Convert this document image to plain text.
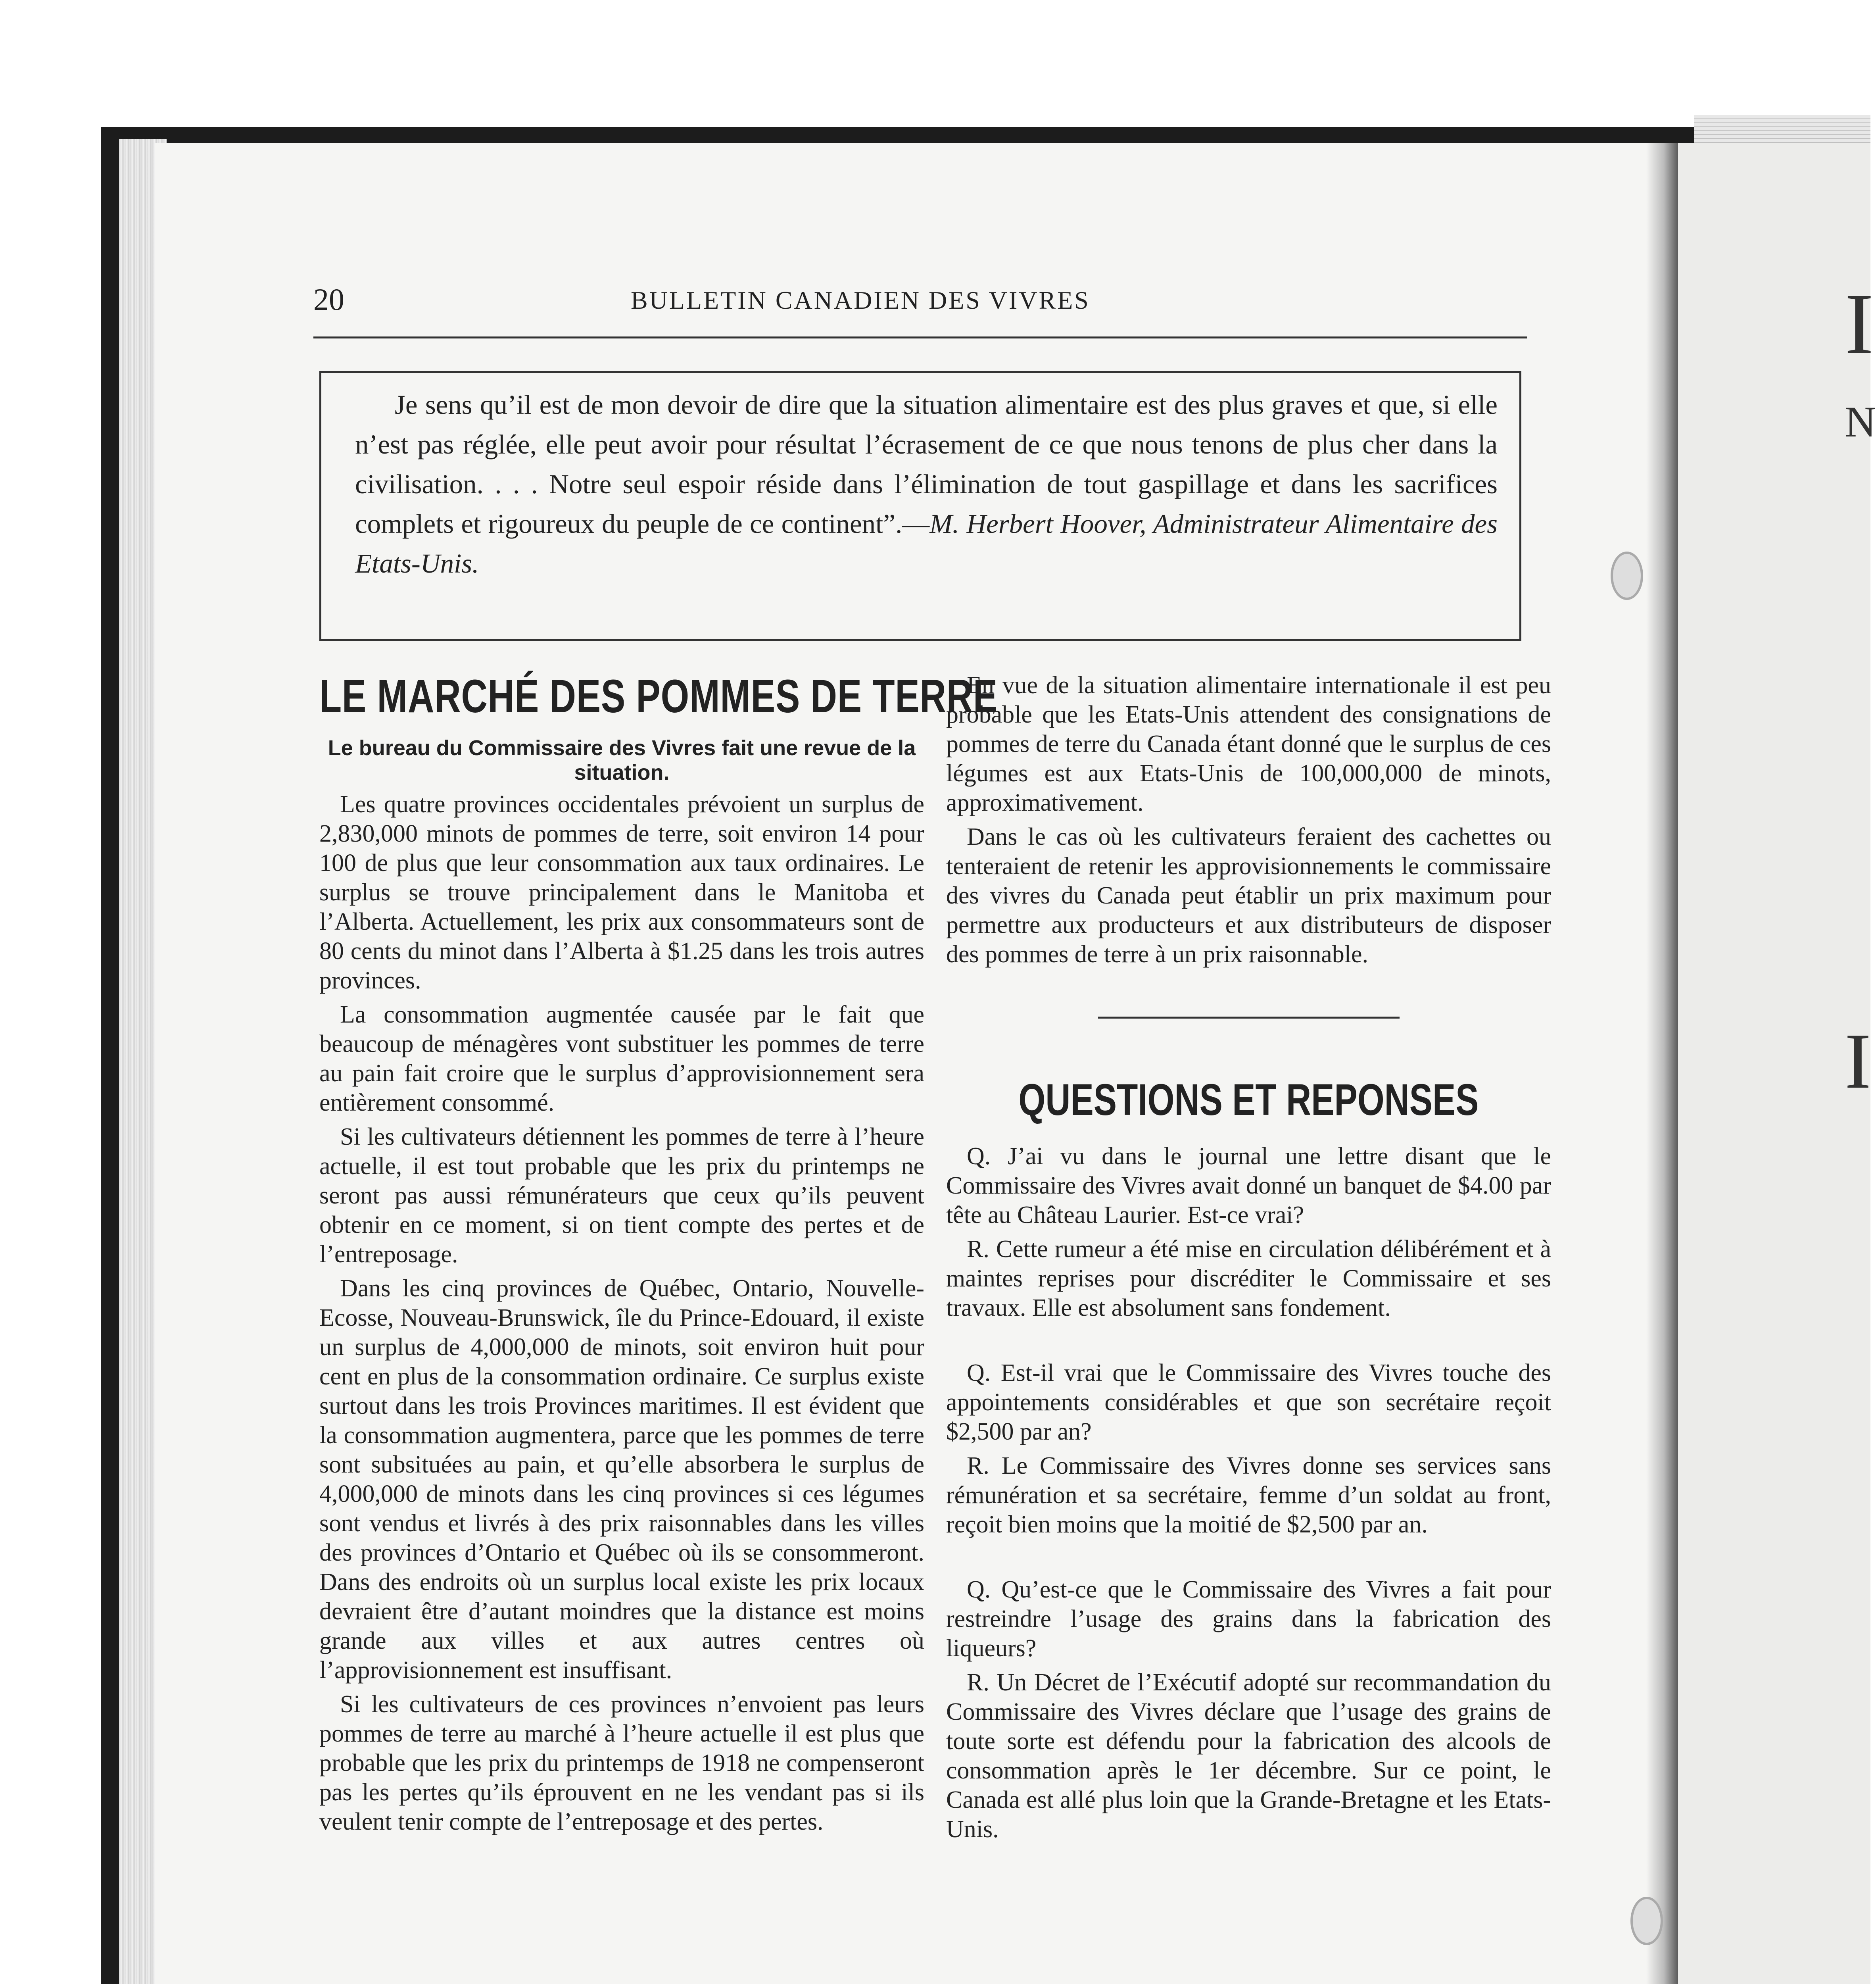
I
N
I
20	BULLETIN CANADIEN DES VIVRES

Je sens qu’il est de mon devoir de dire que la situation alimentaire est des plus graves et que, si elle n’est pas réglée, elle peut avoir pour résultat l’écrasement de ce que nous tenons de plus cher dans la civilisation. . . . Notre seul espoir réside dans l’élimination de tout gaspillage et dans les sacrifices complets et rigoureux du peuple de ce continent”.—M. Herbert Hoover, Administrateur Alimentaire des Etats-Unis.

LE MARCHÉ DES POMMES DE TERRE

Le bureau du Commissaire des Vivres fait une revue de la situation.

Les quatre provinces occidentales prévoient un surplus de 2,830,000 minots de pommes de terre, soit environ 14 pour 100 de plus que leur consommation aux taux ordinaires. Le surplus se trouve principalement dans le Manitoba et l’Alberta. Actuellement, les prix aux consommateurs sont de 80 cents du minot dans l’Alberta à $1.25 dans les trois autres provinces.

La consommation augmentée causée par le fait que beaucoup de ménagères vont substituer les pommes de terre au pain fait croire que le surplus d’approvisionnement sera entièrement consommé.

Si les cultivateurs détiennent les pommes de terre à l’heure actuelle, il est tout probable que les prix du printemps ne seront pas aussi rémunérateurs que ceux qu’ils peuvent obtenir en ce moment, si on tient compte des pertes et de l’entreposage.

Dans les cinq provinces de Québec, Ontario, Nouvelle-Ecosse, Nouveau-Brunswick, île du Prince-Edouard, il existe un surplus de 4,000,000 de minots, soit environ huit pour cent en plus de la consommation ordinaire. Ce surplus existe surtout dans les trois Provinces maritimes. Il est évident que la consommation augmentera, parce que les pommes de terre sont subsituées au pain, et qu’elle absorbera le surplus de 4,000,000 de minots dans les cinq provinces si ces légumes sont vendus et livrés à des prix raisonnables dans les villes des provinces d’Ontario et Québec où ils se consommeront. Dans des endroits où un surplus local existe les prix locaux devraient être d’autant moindres que la distance est moins grande aux villes et aux autres centres où l’approvisionnement est insuffisant.

Si les cultivateurs de ces provinces n’envoient pas leurs pommes de terre au marché à l’heure actuelle il est plus que probable que les prix du printemps de 1918 ne compenseront pas les pertes qu’ils éprouvent en ne les vendant pas si ils veulent tenir compte de l’entreposage et des pertes.

En vue de la situation alimentaire internationale il est peu probable que les Etats-Unis attendent des consignations de pommes de terre du Canada étant donné que le surplus de ces légumes est aux Etats-Unis de 100,000,000 de minots, approximativement.

Dans le cas où les cultivateurs feraient des cachettes ou tenteraient de retenir les approvisionnements le commissaire des vivres du Canada peut établir un prix maximum pour permettre aux producteurs et aux distributeurs de disposer des pommes de terre à un prix raisonnable.

QUESTIONS ET REPONSES

Q. J’ai vu dans le journal une lettre disant que le Commissaire des Vivres avait donné un banquet de $4.00 par tête au Château Laurier. Est-ce vrai?

R. Cette rumeur a été mise en circulation délibérément et à maintes reprises pour discréditer le Commissaire et ses travaux. Elle est absolument sans fondement.

Q. Est-il vrai que le Commissaire des Vivres touche des appointements considérables et que son secrétaire reçoit $2,500 par an?

R. Le Commissaire des Vivres donne ses services sans rémunération et sa secrétaire, femme d’un soldat au front, reçoit bien moins que la moitié de $2,500 par an.

Q. Qu’est-ce que le Commissaire des Vivres a fait pour restreindre l’usage des grains dans la fabrication des liqueurs?

R. Un Décret de l’Exécutif adopté sur recommandation du Commissaire des Vivres déclare que l’usage des grains de toute sorte est défendu pour la fabrication des alcools de consommation après le 1er décembre. Sur ce point, le Canada est allé plus loin que la Grande-Bretagne et les Etats-Unis.
